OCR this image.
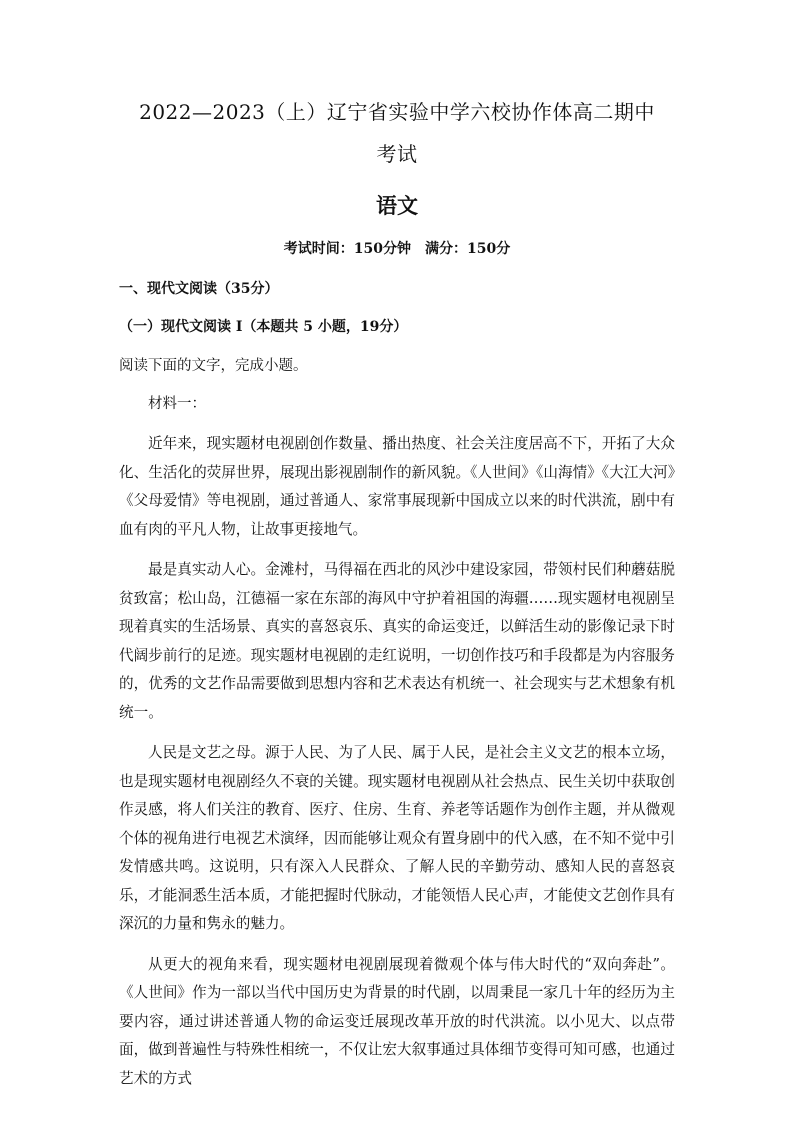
2022—2023（上）辽宁省实验中学六校协作体高二期中
考试
语文
考试时间：150分钟 满分：150分
一、现代文阅读（35分）
（一）现代文阅读 I（本题共 5 小题，19分）
阅读下面的文字，完成小题。
材料一：

近年来，现实题材电视剧创作数量、播出热度、社会关注度居高不下，开拓了大众化、生活化的荧屏世界，展现出影视剧制作的新风貌。《人世间》《山海情》《大江大河》《父母爱情》等电视剧，通过普通人、家常事展现新中国成立以来的时代洪流，剧中有血有肉的平凡人物，让故事更接地气。

最是真实动人心。金滩村，马得福在西北的风沙中建设家园，带领村民们种蘑菇脱贫致富；松山岛，江德福一家在东部的海风中守护着祖国的海疆……现实题材电视剧呈现着真实的生活场景、真实的喜怒哀乐、真实的命运变迁，以鲜活生动的影像记录下时代阔步前行的足迹。现实题材电视剧的走红说明，一切创作技巧和手段都是为内容服务的，优秀的文艺作品需要做到思想内容和艺术表达有机统一、社会现实与艺术想象有机统一。

人民是文艺之母。源于人民、为了人民、属于人民，是社会主义文艺的根本立场，也是现实题材电视剧经久不衰的关键。现实题材电视剧从社会热点、民生关切中获取创作灵感，将人们关注的教育、医疗、住房、生育、养老等话题作为创作主题，并从微观个体的视角进行电视艺术演绎，因而能够让观众有置身剧中的代入感，在不知不觉中引发情感共鸣。这说明，只有深入人民群众、了解人民的辛勤劳动、感知人民的喜怒哀乐，才能洞悉生活本质，才能把握时代脉动，才能领悟人民心声，才能使文艺创作具有深沉的力量和隽永的魅力。

从更大的视角来看，现实题材电视剧展现着微观个体与伟大时代的“双向奔赴”。《人世间》作为一部以当代中国历史为背景的时代剧，以周秉昆一家几十年的经历为主要内容，通过讲述普通人物的命运变迁展现改革开放的时代洪流。以小见大、以点带面，做到普遍性与特殊性相统一，不仅让宏大叙事通过具体细节变得可知可感，也通过艺术的方式
